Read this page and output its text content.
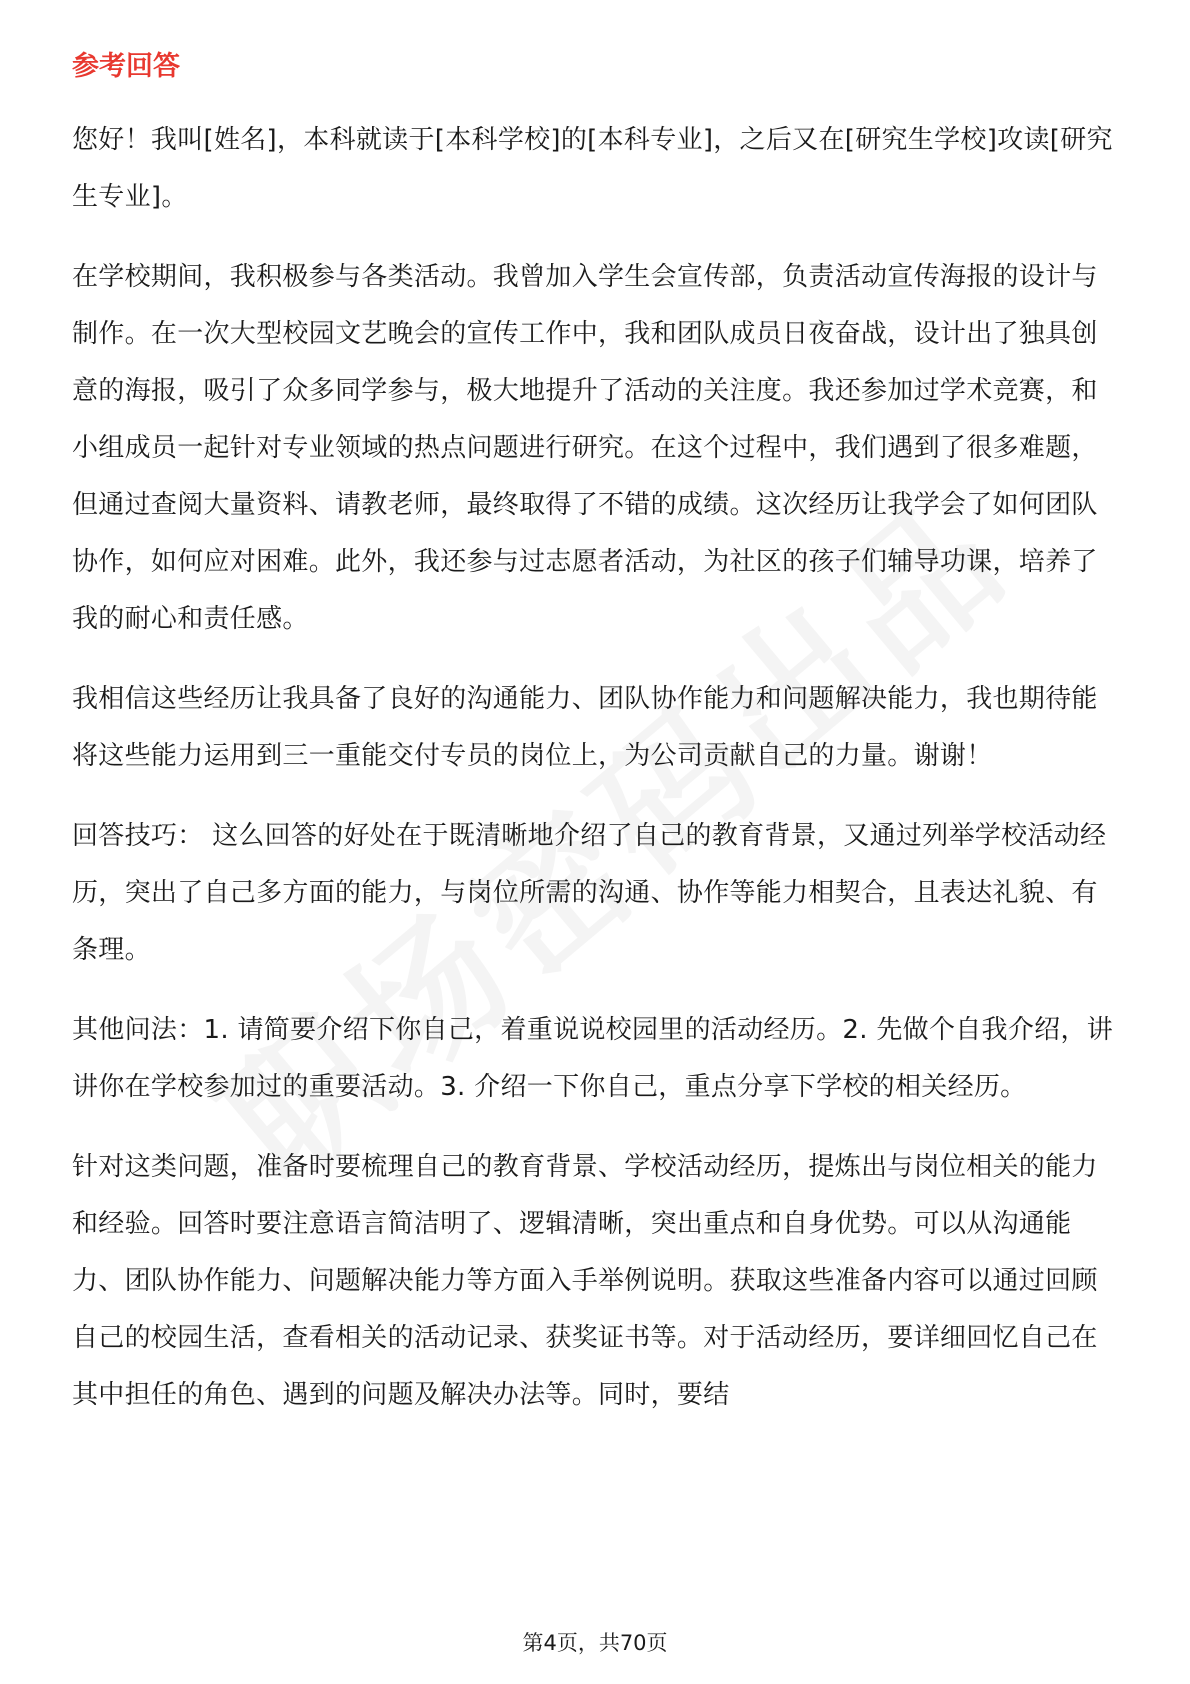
参考回答

您好！我叫[姓名]，本科就读于[本科学校]的[本科专业]，之后又在[研究生学校]攻读[研究生专业]。

在学校期间，我积极参与各类活动。我曾加入学生会宣传部，负责活动宣传海报的设计与制作。在一次大型校园文艺晚会的宣传工作中，我和团队成员日夜奋战，设计出了独具创意的海报，吸引了众多同学参与，极大地提升了活动的关注度。我还参加过学术竞赛，和小组成员一起针对专业领域的热点问题进行研究。在这个过程中，我们遇到了很多难题，但通过查阅大量资料、请教老师，最终取得了不错的成绩。这次经历让我学会了如何团队协作，如何应对困难。此外，我还参与过志愿者活动，为社区的孩子们辅导功课，培养了我的耐心和责任感。

我相信这些经历让我具备了良好的沟通能力、团队协作能力和问题解决能力，我也期待能将这些能力运用到三一重能交付专员的岗位上，为公司贡献自己的力量。谢谢！

回答技巧： 这么回答的好处在于既清晰地介绍了自己的教育背景，又通过列举学校活动经历，突出了自己多方面的能力，与岗位所需的沟通、协作等能力相契合，且表达礼貌、有条理。

其他问法：1. 请简要介绍下你自己，着重说说校园里的活动经历。2. 先做个自我介绍，讲讲你在学校参加过的重要活动。3. 介绍一下你自己，重点分享下学校的相关经历。

针对这类问题，准备时要梳理自己的教育背景、学校活动经历，提炼出与岗位相关的能力和经验。回答时要注意语言简洁明了、逻辑清晰，突出重点和自身优势。可以从沟通能力、团队协作能力、问题解决能力等方面入手举例说明。获取这些准备内容可以通过回顾自己的校园生活，查看相关的活动记录、获奖证书等。对于活动经历，要详细回忆自己在其中担任的角色、遇到的问题及解决办法等。同时，要结

第4页，共70页
